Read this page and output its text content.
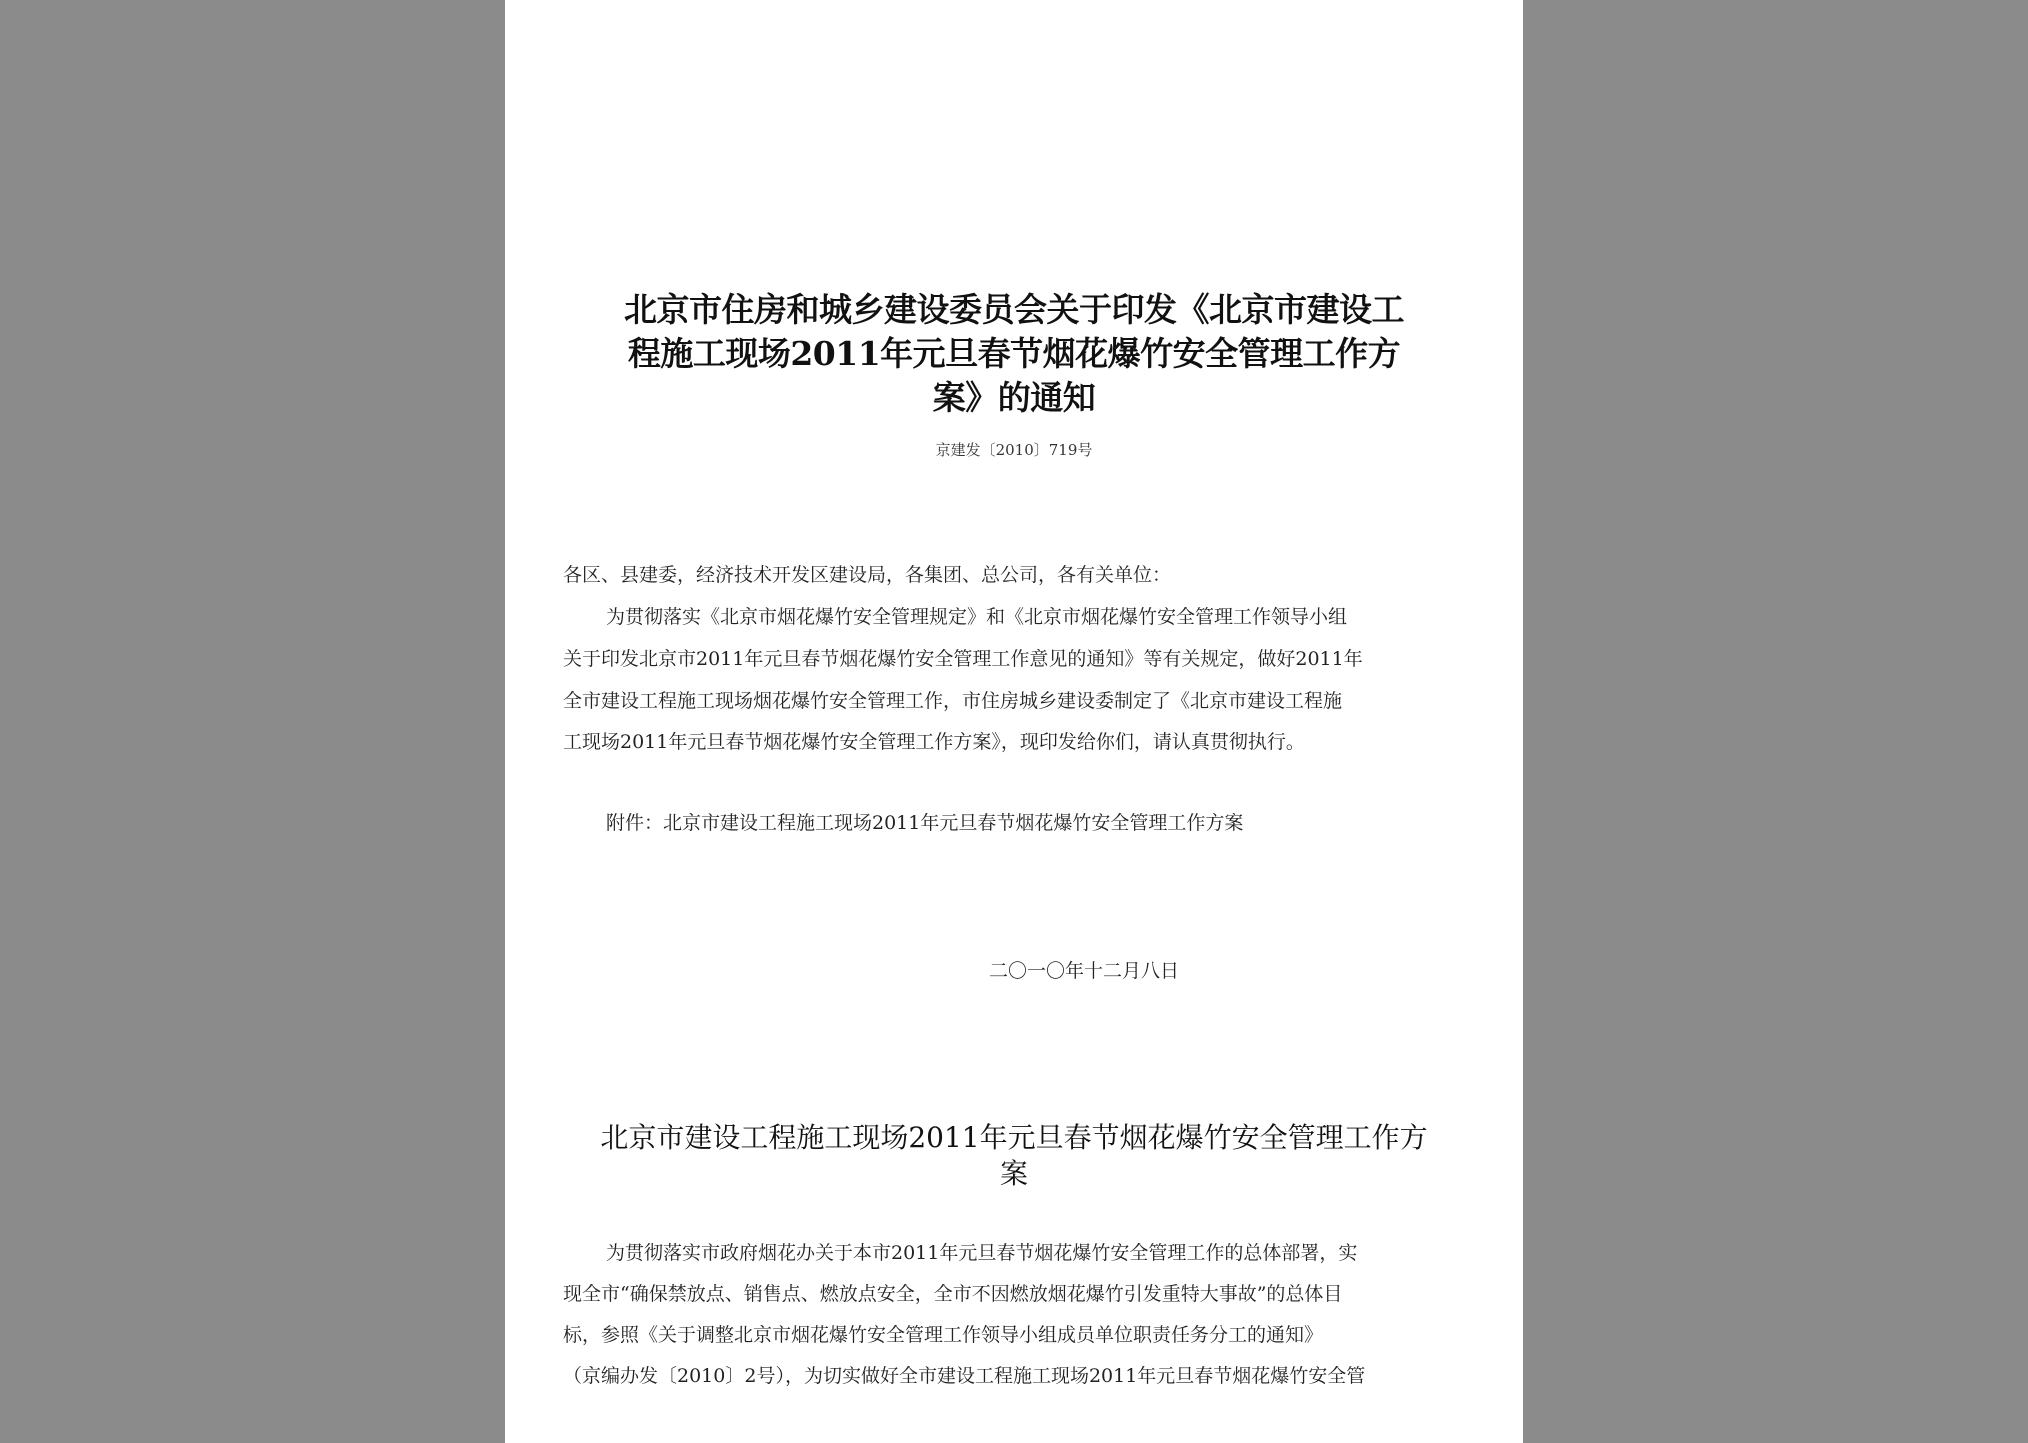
北京市住房和城乡建设委员会关于印发《北京市建设工
程施工现场2011年元旦春节烟花爆竹安全管理工作方
案》的通知
京建发〔2010〕719号
各区、县建委，经济技术开发区建设局，各集团、总公司，各有关单位：
为贯彻落实《北京市烟花爆竹安全管理规定》和《北京市烟花爆竹安全管理工作领导小组
关于印发北京市2011年元旦春节烟花爆竹安全管理工作意见的通知》等有关规定，做好2011年
全市建设工程施工现场烟花爆竹安全管理工作，市住房城乡建设委制定了《北京市建设工程施
工现场2011年元旦春节烟花爆竹安全管理工作方案》，现印发给你们，请认真贯彻执行。
附件：北京市建设工程施工现场2011年元旦春节烟花爆竹安全管理工作方案
二〇一〇年十二月八日
北京市建设工程施工现场2011年元旦春节烟花爆竹安全管理工作方
案
为贯彻落实市政府烟花办关于本市2011年元旦春节烟花爆竹安全管理工作的总体部署，实
现全市“确保禁放点、销售点、燃放点安全，全市不因燃放烟花爆竹引发重特大事故”的总体目
标，参照《关于调整北京市烟花爆竹安全管理工作领导小组成员单位职责任务分工的通知》
（京编办发〔2010〕2号），为切实做好全市建设工程施工现场2011年元旦春节烟花爆竹安全管
